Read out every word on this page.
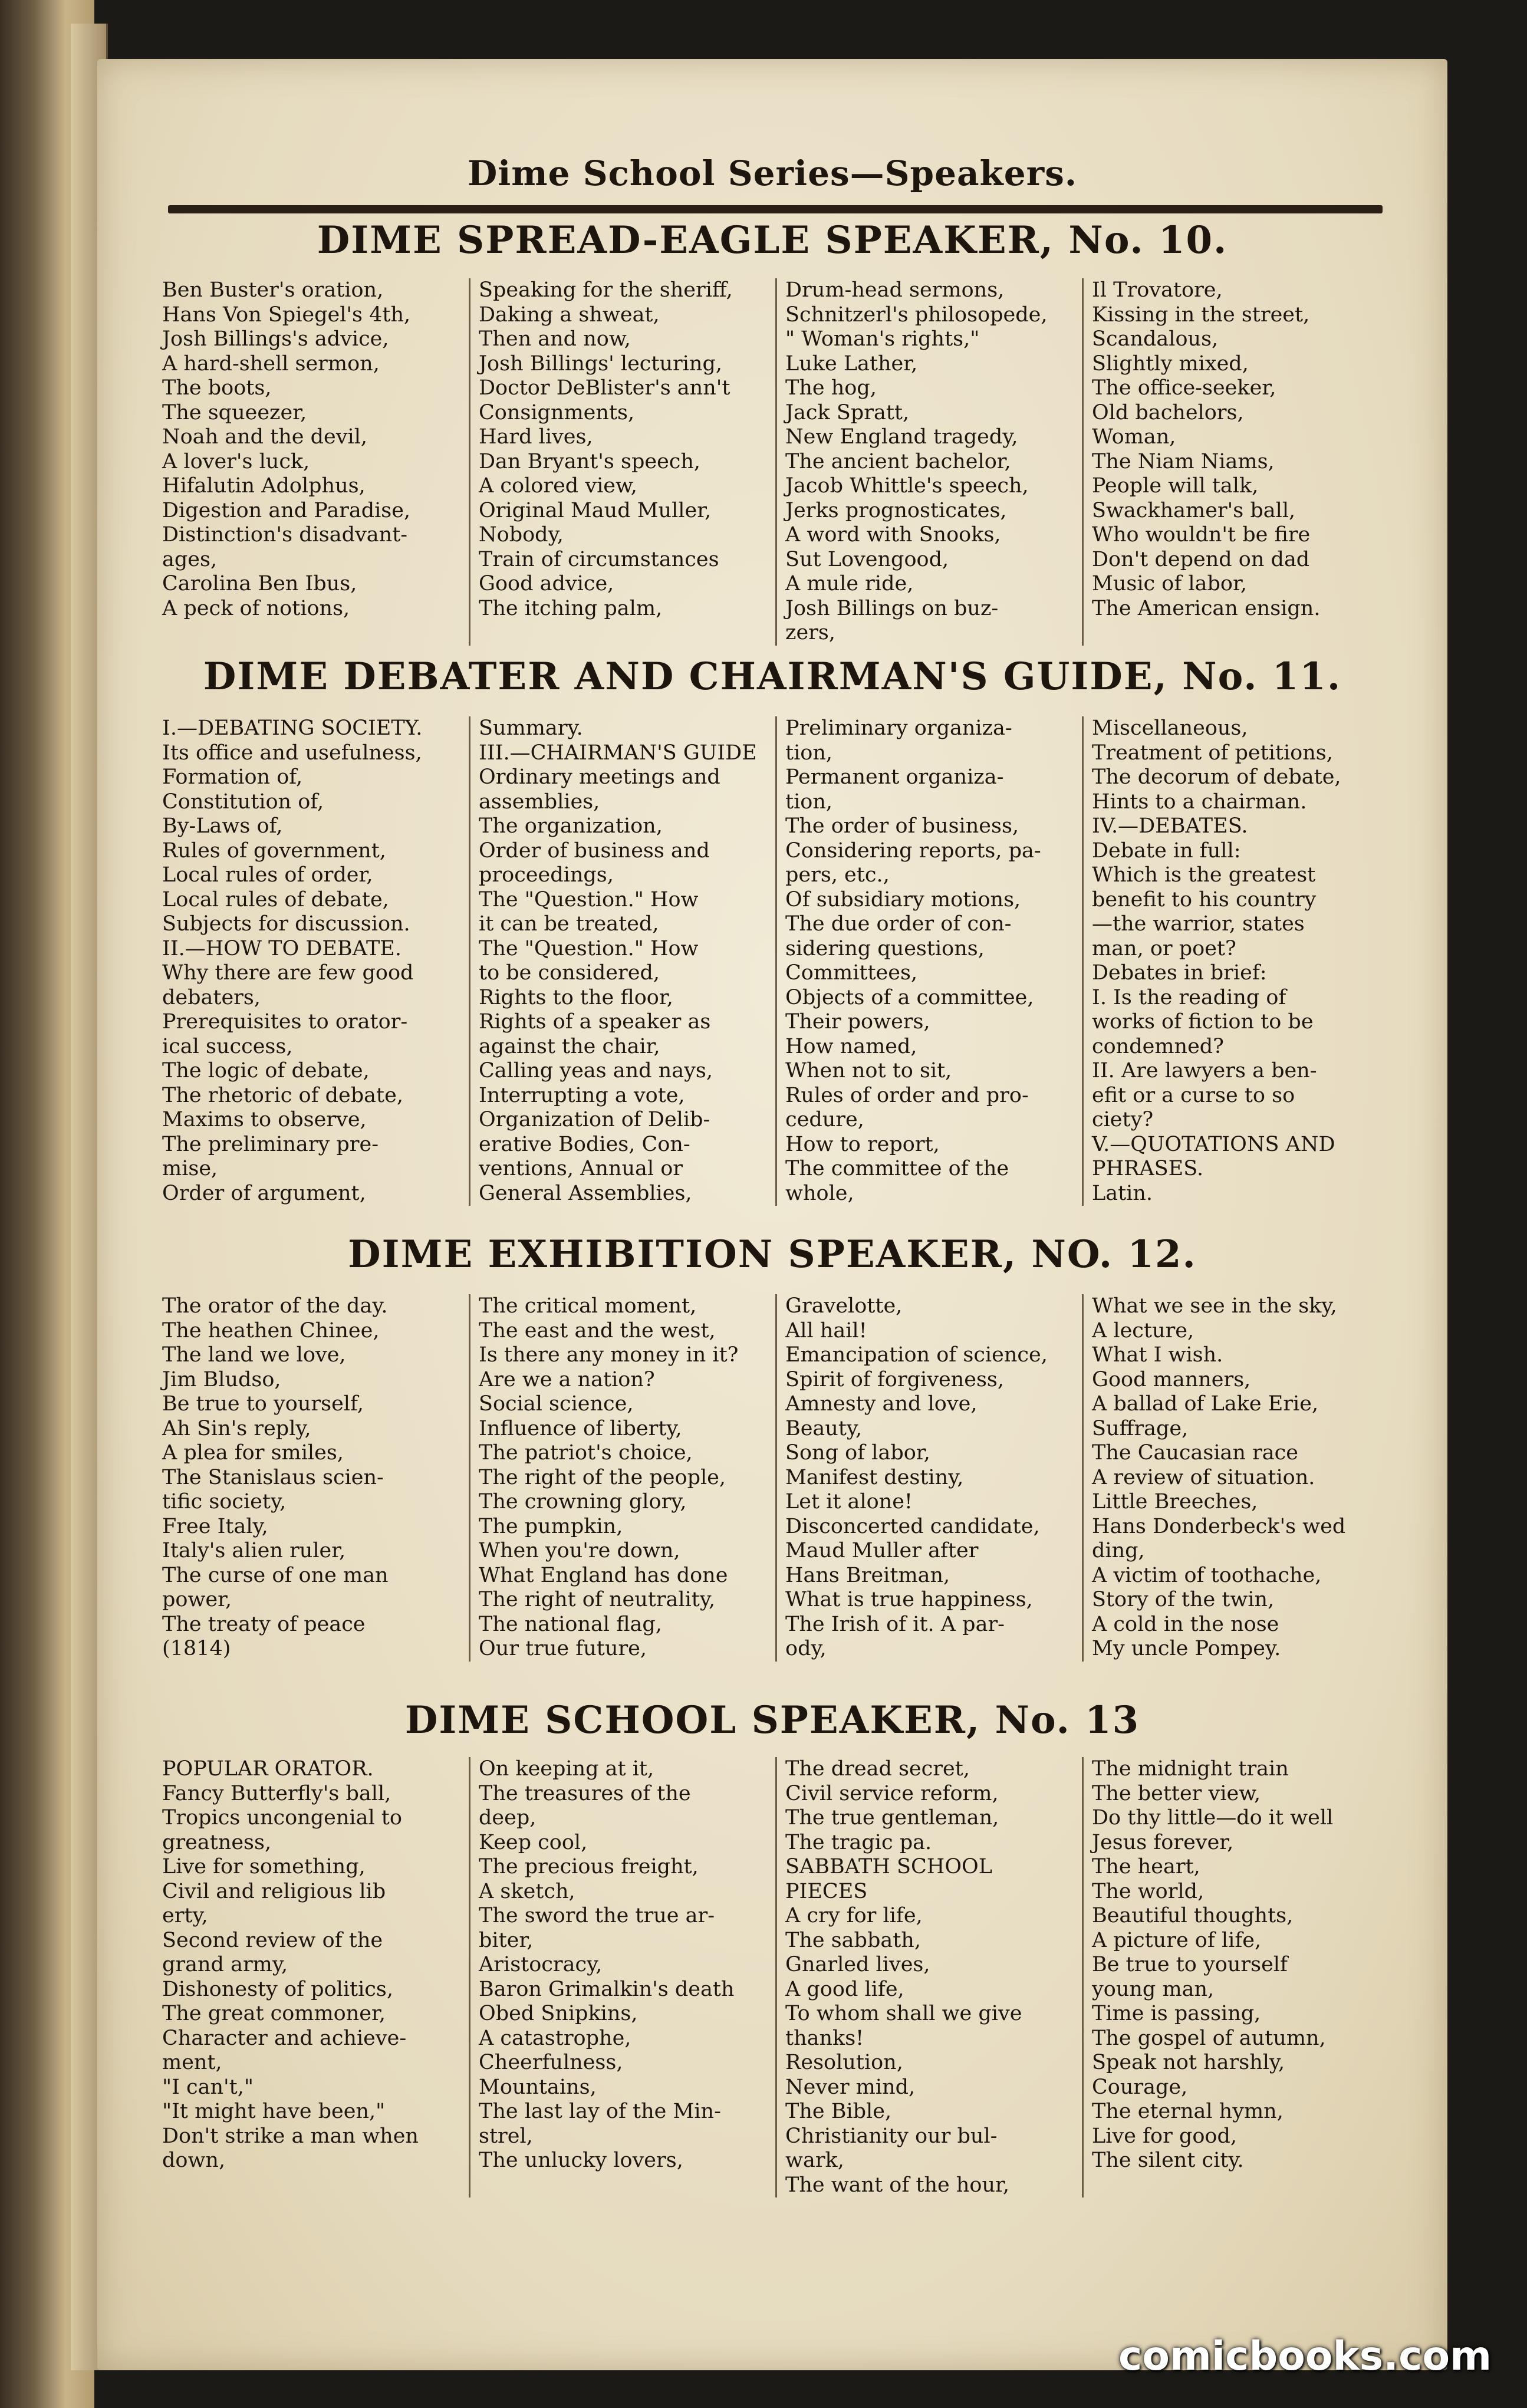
Dime School Series—Speakers.
DIME SPREAD-EAGLE SPEAKER, No. 10.
Ben Buster's oration,
Hans Von Spiegel's 4th,
Josh Billings's advice,
A hard-shell sermon,
The boots,
The squeezer,
Noah and the devil,
A lover's luck,
Hifalutin Adolphus,
Digestion and Paradise,
Distinction's disadvant-
ages,
Carolina Ben Ibus,
A peck of notions,
Speaking for the sheriff,
Daking a shweat,
Then and now,
Josh Billings' lecturing,
Doctor DeBlister's ann't
Consignments,
Hard lives,
Dan Bryant's speech,
A colored view,
Original Maud Muller,
Nobody,
Train of circumstances
Good advice,
The itching palm,
Drum-head sermons,
Schnitzerl's philosopede,
" Woman's rights,"
Luke Lather,
The hog,
Jack Spratt,
New England tragedy,
The ancient bachelor,
Jacob Whittle's speech,
Jerks prognosticates,
A word with Snooks,
Sut Lovengood,
A mule ride,
Josh Billings on buz-
zers,
Il Trovatore,
Kissing in the street,
Scandalous,
Slightly mixed,
The office-seeker,
Old bachelors,
Woman,
The Niam Niams,
People will talk,
Swackhamer's ball,
Who wouldn't be fire
Don't depend on dad
Music of labor,
The American ensign.
DIME DEBATER AND CHAIRMAN'S GUIDE, No. 11.
I.—DEBATING SOCIETY.
Its office and usefulness,
Formation of,
Constitution of,
By-Laws of,
Rules of government,
Local rules of order,
Local rules of debate,
Subjects for discussion.
II.—HOW TO DEBATE.
Why there are few good
debaters,
Prerequisites to orator-
ical success,
The logic of debate,
The rhetoric of debate,
Maxims to observe,
The preliminary pre-
mise,
Order of argument,
Summary.
III.—CHAIRMAN'S GUIDE
Ordinary meetings and
assemblies,
The organization,
Order of business and
proceedings,
The "Question." How
it can be treated,
The "Question." How
to be considered,
Rights to the floor,
Rights of a speaker as
against the chair,
Calling yeas and nays,
Interrupting a vote,
Organization of Delib-
erative Bodies, Con-
ventions, Annual or
General Assemblies,
Preliminary organiza-
tion,
Permanent organiza-
tion,
The order of business,
Considering reports, pa-
pers, etc.,
Of subsidiary motions,
The due order of con-
sidering questions,
Committees,
Objects of a committee,
Their powers,
How named,
When not to sit,
Rules of order and pro-
cedure,
How to report,
The committee of the
whole,
Miscellaneous,
Treatment of petitions,
The decorum of debate,
Hints to a chairman.
IV.—DEBATES.
Debate in full:
Which is the greatest
benefit to his country
—the warrior, states
man, or poet?
Debates in brief:
I. Is the reading of
works of fiction to be
condemned?
II. Are lawyers a ben-
efit or a curse to so
ciety?
V.—QUOTATIONS AND
PHRASES.
Latin.
DIME EXHIBITION SPEAKER, NO. 12.
The orator of the day.
The heathen Chinee,
The land we love,
Jim Bludso,
Be true to yourself,
Ah Sin's reply,
A plea for smiles,
The Stanislaus scien-
tific society,
Free Italy,
Italy's alien ruler,
The curse of one man
power,
The treaty of peace
(1814)
The critical moment,
The east and the west,
Is there any money in it?
Are we a nation?
Social science,
Influence of liberty,
The patriot's choice,
The right of the people,
The crowning glory,
The pumpkin,
When you're down,
What England has done
The right of neutrality,
The national flag,
Our true future,
Gravelotte,
All hail!
Emancipation of science,
Spirit of forgiveness,
Amnesty and love,
Beauty,
Song of labor,
Manifest destiny,
Let it alone!
Disconcerted candidate,
Maud Muller after
Hans Breitman,
What is true happiness,
The Irish of it. A par-
ody,
What we see in the sky,
A lecture,
What I wish.
Good manners,
A ballad of Lake Erie,
Suffrage,
The Caucasian race
A review of situation.
Little Breeches,
Hans Donderbeck's wed
ding,
A victim of toothache,
Story of the twin,
A cold in the nose
My uncle Pompey.
DIME SCHOOL SPEAKER, No. 13
POPULAR ORATOR.
Fancy Butterfly's ball,
Tropics uncongenial to
greatness,
Live for something,
Civil and religious lib
erty,
Second review of the
grand army,
Dishonesty of politics,
The great commoner,
Character and achieve-
ment,
"I can't,"
"It might have been,"
Don't strike a man when
down,
On keeping at it,
The treasures of the
deep,
Keep cool,
The precious freight,
A sketch,
The sword the true ar-
biter,
Aristocracy,
Baron Grimalkin's death
Obed Snipkins,
A catastrophe,
Cheerfulness,
Mountains,
The last lay of the Min-
strel,
The unlucky lovers,
The dread secret,
Civil service reform,
The true gentleman,
The tragic pa.
SABBATH SCHOOL PIECES
A cry for life,
The sabbath,
Gnarled lives,
A good life,
To whom shall we give
thanks!
Resolution,
Never mind,
The Bible,
Christianity our bul-
wark,
The want of the hour,
The midnight train
The better view,
Do thy little—do it well
Jesus forever,
The heart,
The world,
Beautiful thoughts,
A picture of life,
Be true to yourself
young man,
Time is passing,
The gospel of autumn,
Speak not harshly,
Courage,
The eternal hymn,
Live for good,
The silent city.
comicbooks.com
